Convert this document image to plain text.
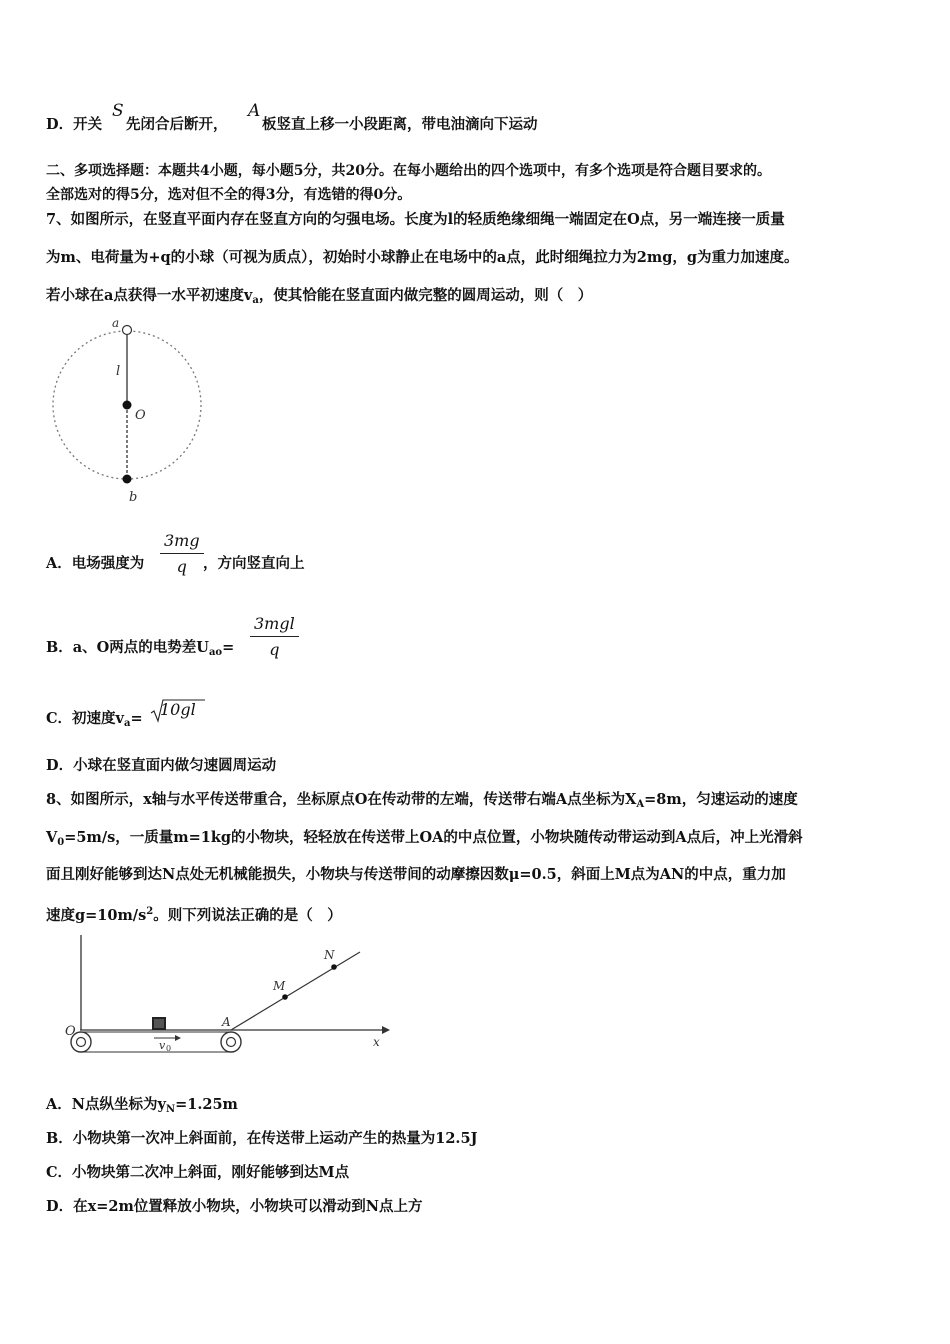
D．开关
S
先闭合后断开，
A
板竖直上移一小段距离，带电油滴向下运动
二、多项选择题：本题共4小题，每小题5分，共20分。在每小题给出的四个选项中，有多个选项是符合题目要求的。
全部选对的得5分，选对但不全的得3分，有选错的得0分。
7、如图所示，在竖直平面内存在竖直方向的匀强电场。长度为l的轻质绝缘细绳一端固定在O点，另一端连接一质量
为m、电荷量为+q的小球（可视为质点），初始时小球静止在电场中的a点，此时细绳拉力为2mg，g为重力加速度。
若小球在a点获得一水平初速度$v_a$，使其恰能在竖直面内做完整的圆周运动，则（　）
a
l
O
b
A．电场强度为 $\frac{3mg}{q}$ ，方向竖直向上
B．a、O两点的电势差$U_{ao}=$
3mgl
q
C．初速度$v_a= 10gl$
D．小球在竖直面内做匀速圆周运动
8、如图所示，x轴与水平传送带重合，坐标原点O在传动带的左端，传送带右端A点坐标为$X_A=8m$，匀速运动的速度
$V_0=5m/s$，一质量m=1kg的小物块，轻轻放在传送带上OA的中点位置，小物块随传动带运动到A点后，冲上光滑斜
面且刚好能够到达N点处无机械能损失，小物块与传送带间的动摩擦因数μ=0.5，斜面上M点为AN的中点，重力加
速度$g=10m/s^2$。则下列说法正确的是（　）
O
A
M
N
x
v 0
A．N点纵坐标为$y_N=1.25m$
B．小物块第一次冲上斜面前，在传送带上运动产生的热量为12.5J
C．小物块第二次冲上斜面，刚好能够到达M点
D．在x=2m位置释放小物块，小物块可以滑动到N点上方
